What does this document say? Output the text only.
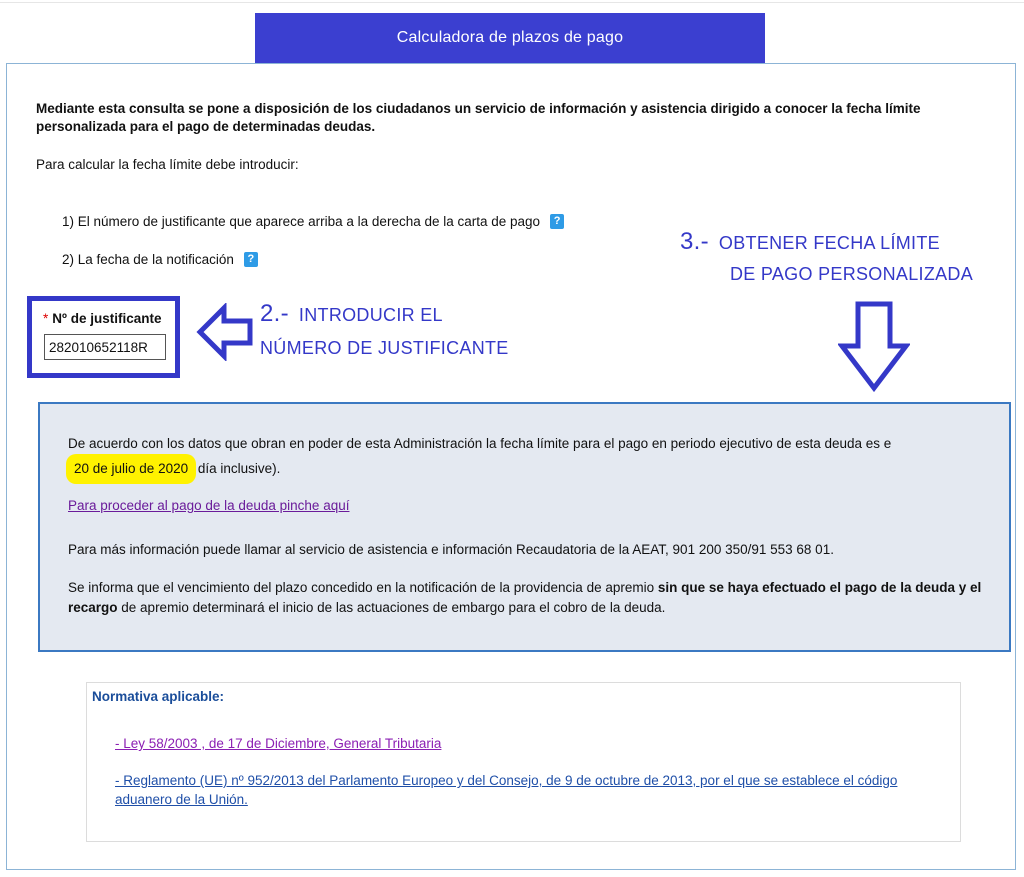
Calculadora de plazos de pago
Mediante esta consulta se pone a disposición de los ciudadanos un servicio de información y asistencia dirigido a conocer la fecha límite personalizada para el pago de determinadas deudas.
Para calcular la fecha límite debe introducir:
1) El número de justificante que aparece arriba a la derecha de la carta de pago	?
2) La fecha de la notificación	?
* Nº de justificante
282010652118R	2.- INTRODUCIR EL
NÚMERO DE JUSTIFICANTE
3.- OBTENER FECHA LÍMITE
DE PAGO PERSONALIZADA
De acuerdo con los datos que obran en poder de esta Administración la fecha límite para el pago en periodo ejecutivo de esta deuda es e20 de julio de 2020 día inclusive).
Para proceder al pago de la deuda pinche aquí
Para más información puede llamar al servicio de asistencia e información Recaudatoria de la AEAT, 901 200 350/91 553 68 01.
Se informa que el vencimiento del plazo concedido en la notificación de la providencia de apremio sin que se haya efectuado el pago de la deuda y el recargo de apremio determinará el inicio de las actuaciones de embargo para el cobro de la deuda.
Normativa aplicable:
- Ley 58/2003 , de 17 de Diciembre, General Tributaria
- Reglamento (UE) nº 952/2013 del Parlamento Europeo y del Consejo, de 9 de octubre de 2013, por el que se establece el código aduanero de la Unión.
